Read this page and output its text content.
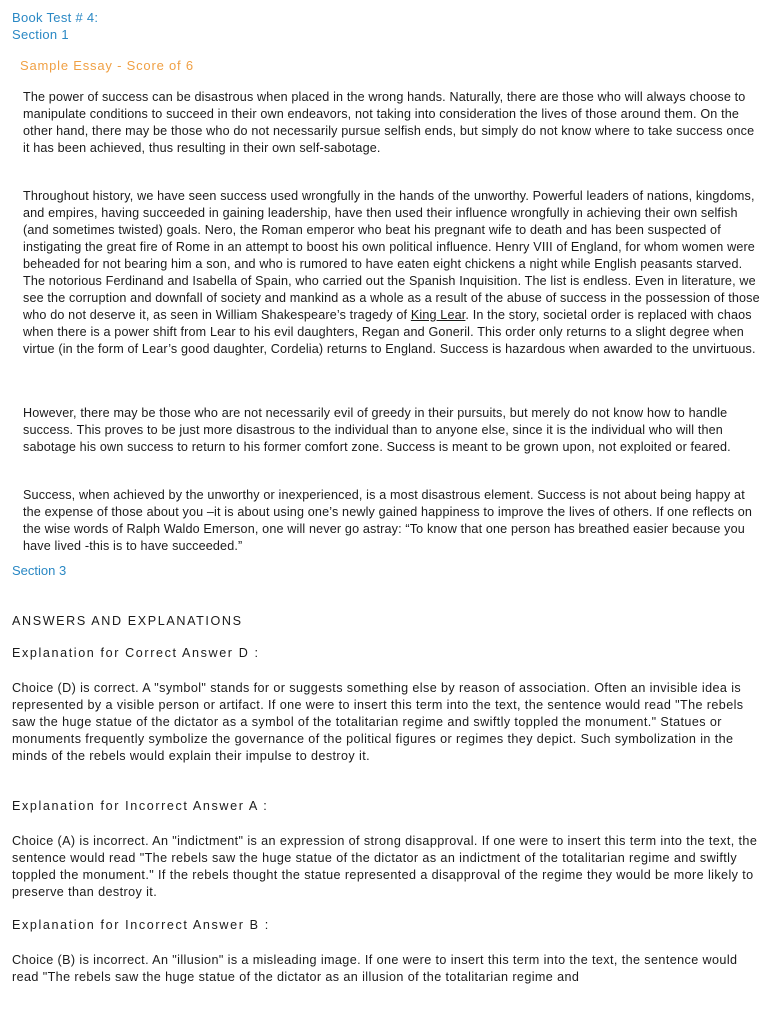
Book Test # 4:
Section 1
Sample Essay - Score of 6

The power of success can be disastrous when placed in the wrong hands. Naturally, there are those who will always choose to manipulate conditions to succeed in their own endeavors, not taking into consideration the lives of those around them. On the other hand, there may be those who do not necessarily pursue selfish ends, but simply do not know where to take success once it has been achieved, thus resulting in their own self-sabotage.

Throughout history, we have seen success used wrongfully in the hands of the unworthy. Powerful leaders of nations, kingdoms, and empires, having succeeded in gaining leadership, have then used their influence wrongfully in achieving their own selfish (and sometimes twisted) goals. Nero, the Roman emperor who beat his pregnant wife to death and has been suspected of instigating the great fire of Rome in an attempt to boost his own political influence. Henry VIII of England, for whom women were beheaded for not bearing him a son, and who is rumored to have eaten eight chickens a night while English peasants starved. The notorious Ferdinand and Isabella of Spain, who carried out the Spanish Inquisition. The list is endless. Even in literature, we see the corruption and downfall of society and mankind as a whole as a result of the abuse of success in the possession of those who do not deserve it, as seen in William Shakespeare’s tragedy of King Lear. In the story, societal order is replaced with chaos when there is a power shift from Lear to his evil daughters, Regan and Goneril. This order only returns to a slight degree when virtue (in the form of Lear’s good daughter, Cordelia) returns to England. Success is hazardous when awarded to the unvirtuous.

However, there may be those who are not necessarily evil of greedy in their pursuits, but merely do not know how to handle success. This proves to be just more disastrous to the individual than to anyone else, since it is the individual who will then sabotage his own success to return to his former comfort zone. Success is meant to be grown upon, not exploited or feared.

Success, when achieved by the unworthy or inexperienced, is a most disastrous element. Success is not about being happy at the expense of those about you –it is about using one’s newly gained happiness to improve the lives of others. If one reflects on the wise words of Ralph Waldo Emerson, one will never go astray: “To know that one person has breathed easier because you have lived -this is to have succeeded.”

Section 3
ANSWERS AND EXPLANATIONS
Explanation for Correct Answer D :

Choice (D) is correct. A "symbol" stands for or suggests something else by reason of association. Often an invisible idea is represented by a visible person or artifact. If one were to insert this term into the text, the sentence would read "The rebels saw the huge statue of the dictator as a symbol of the totalitarian regime and swiftly toppled the monument." Statues or monuments frequently symbolize the governance of the political figures or regimes they depict. Such symbolization in the minds of the rebels would explain their impulse to destroy it.

Explanation for Incorrect Answer A :

Choice (A) is incorrect. An "indictment" is an expression of strong disapproval. If one were to insert this term into the text, the sentence would read "The rebels saw the huge statue of the dictator as an indictment of the totalitarian regime and swiftly toppled the monument." If the rebels thought the statue represented a disapproval of the regime they would be more likely to preserve than destroy it.

Explanation for Incorrect Answer B :

Choice (B) is incorrect. An "illusion" is a misleading image. If one were to insert this term into the text, the sentence would read "The rebels saw the huge statue of the dictator as an illusion of the totalitarian regime and
